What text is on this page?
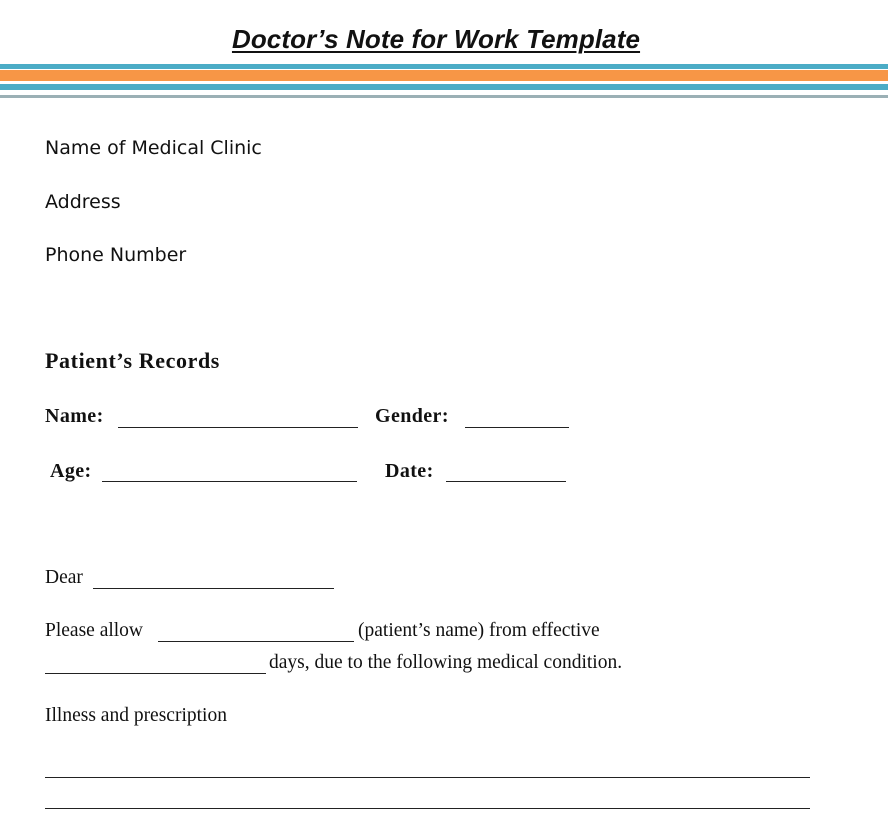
Doctor’s Note for Work Template
Name of Medical Clinic
Address
Phone Number
Patient’s Records
Name:	Gender:
Age:	Date:
Dear
Please allow	(patient’s name) from effective
days, due to the following medical condition.
Illness and prescription
